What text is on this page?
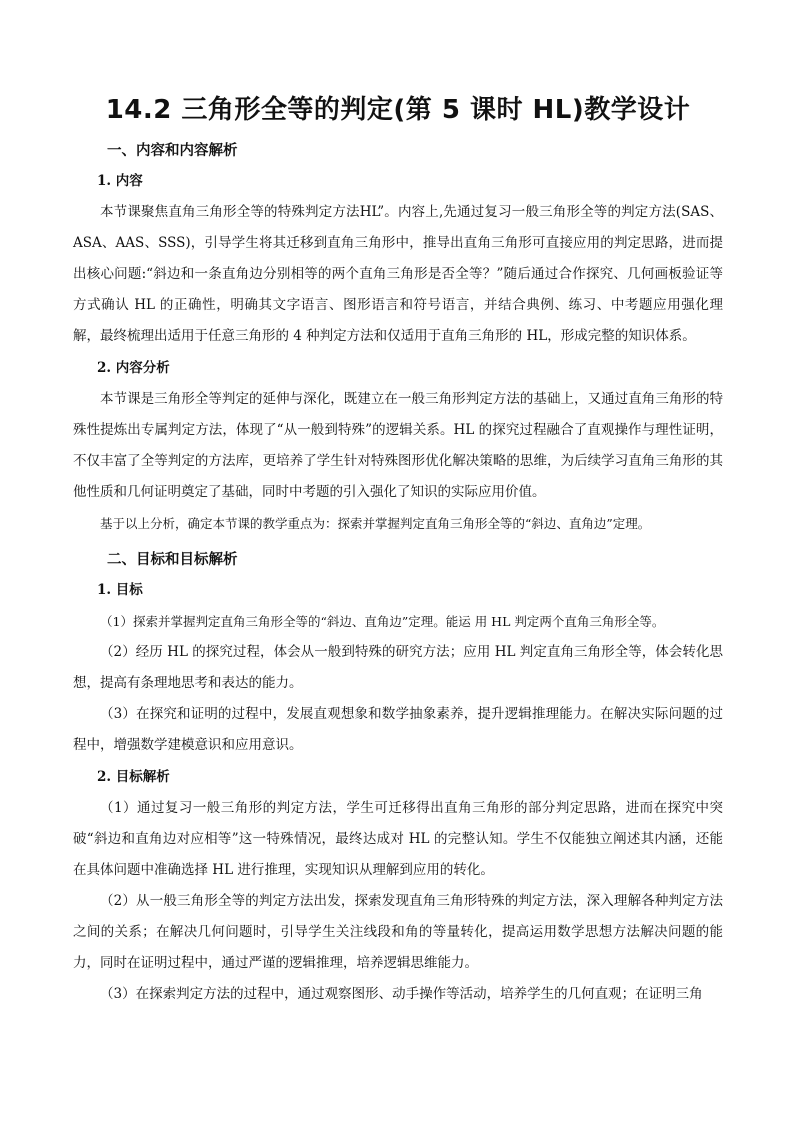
14.2 三角形全等的判定(第 5 课时 HL)教学设计
一、内容和内容解析
1. 内容

本节课聚焦直角三角形全等的特殊判定方法HL”。内容上,先通过复习一般三角形全等的判定方法(SAS、ASA、AAS、SSS)，引导学生将其迁移到直角三角形中，推导出直角三角形可直接应用的判定思路，进而提出核心问题:“斜边和一条直角边分别相等的两个直角三角形是否全等？”随后通过合作探究、几何画板验证等方式确认 HL 的正确性，明确其文字语言、图形语言和符号语言，并结合典例、练习、中考题应用强化理解，最终梳理出适用于任意三角形的 4 种判定方法和仅适用于直角三角形的 HL，形成完整的知识体系。

2. 内容分析

本节课是三角形全等判定的延伸与深化，既建立在一般三角形判定方法的基础上，又通过直角三角形的特殊性提炼出专属判定方法，体现了“从一般到特殊”的逻辑关系。HL 的探究过程融合了直观操作与理性证明，不仅丰富了全等判定的方法库，更培养了学生针对特殊图形优化解决策略的思维，为后续学习直角三角形的其他性质和几何证明奠定了基础，同时中考题的引入强化了知识的实际应用价值。

基于以上分析，确定本节课的教学重点为：探索并掌握判定直角三角形全等的“斜边、直角边”定理。

二、目标和目标解析
1. 目标

（1）探索并掌握判定直角三角形全等的“斜边、直角边”定理。能运 用 HL 判定两个直角三角形全等。

（2）经历 HL 的探究过程，体会从一般到特殊的研究方法；应用 HL 判定直角三角形全等，体会转化思想，提高有条理地思考和表达的能力。

（3）在探究和证明的过程中，发展直观想象和数学抽象素养，提升逻辑推理能力。在解决实际问题的过程中，增强数学建模意识和应用意识。

2. 目标解析

（1）通过复习一般三角形的判定方法，学生可迁移得出直角三角形的部分判定思路，进而在探究中突破“斜边和直角边对应相等”这一特殊情况，最终达成对 HL 的完整认知。学生不仅能独立阐述其内涵，还能在具体问题中准确选择 HL 进行推理，实现知识从理解到应用的转化。

（2）从一般三角形全等的判定方法出发，探索发现直角三角形特殊的判定方法，深入理解各种判定方法之间的关系；在解决几何问题时，引导学生关注线段和角的等量转化，提高运用数学思想方法解决问题的能力，同时在证明过程中，通过严谨的逻辑推理，培养逻辑思维能力。

（3）在探索判定方法的过程中，通过观察图形、动手操作等活动，培养学生的几何直观；在证明三角
